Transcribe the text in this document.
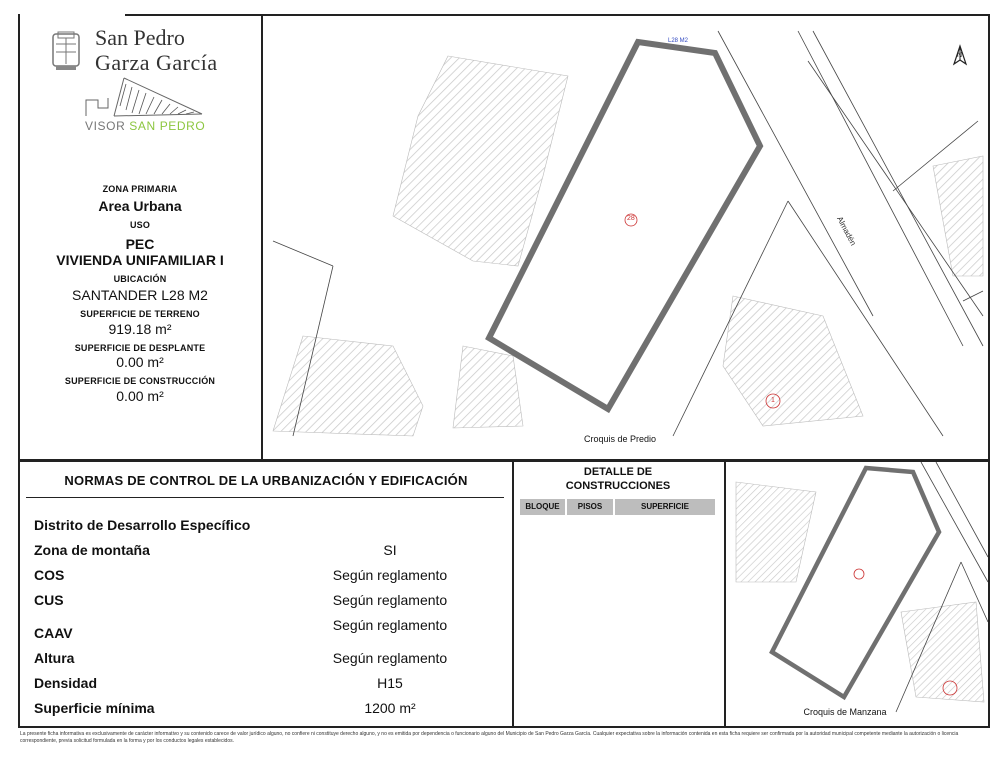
San Pedro
Garza García
VISOR SAN PEDRO
ZONA PRIMARIA
Area Urbana
USO
PEC
VIVIENDA UNIFAMILIAR I
UBICACIÓN
SANTANDER L28 M2
SUPERFICIE DE TERRENO
919.18 m²
SUPERFICIE DE DESPLANTE
0.00 m²
SUPERFICIE DE CONSTRUCCIÓN
0.00 m²
L28 M2
28
1
Almadén
N
Croquis de Predio
NORMAS DE CONTROL DE LA URBANIZACIÓN Y EDIFICACIÓN
Distrito de Desarrollo Específico
Zona de montaña	SI
COS	Según reglamento
CUS	Según reglamento
CAAV	Según reglamento
Altura	Según reglamento
Densidad	H15
Superficie mínima	1200 m²
DETALLE DE
CONSTRUCCIONES
BLOQUE	PISOS	SUPERFICIE
Croquis de Manzana
La presente ficha informativa es exclusivamente de carácter informativo y su contenido carece de valor jurídico alguno, no confiere ni constituye derecho alguno, y no es emitida por dependencia o funcionario alguno del Municipio de San Pedro Garza García. Cualquier expectativa sobre la información contenida en esta ficha requiere ser confirmada por la autoridad municipal competente mediante la autorización o licencia correspondiente, previa solicitud formulada en la forma y por los conductos legales establecidos.
